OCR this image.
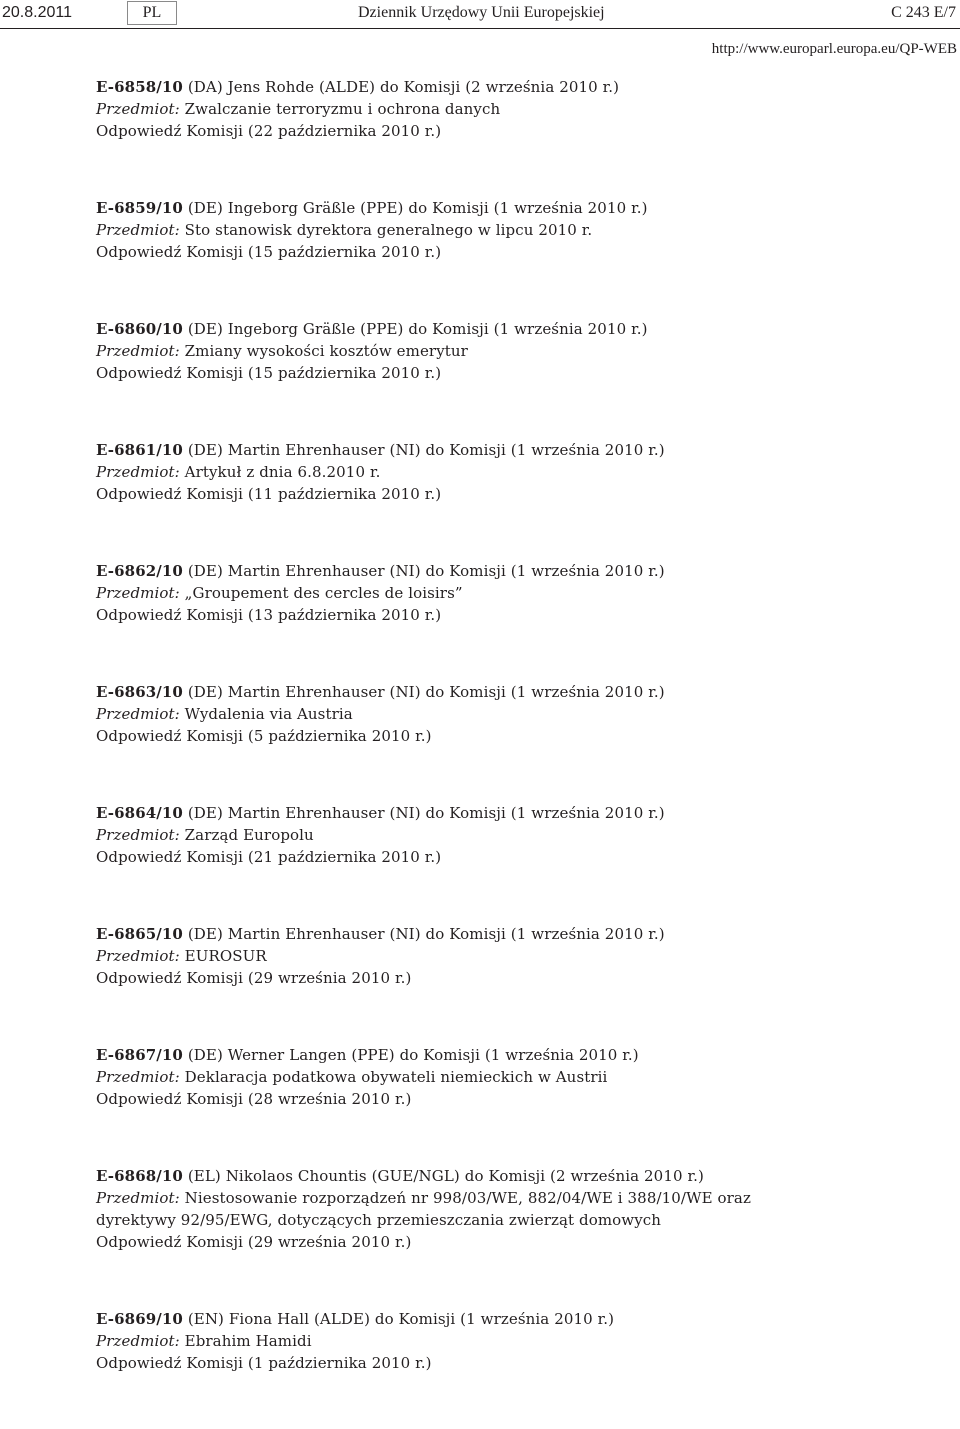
20.8.2011	PL	Dziennik Urzędowy Unii Europejskiej	C 243 E/7
http://www.europarl.europa.eu/QP-WEB
E-6858/10 (DA) Jens Rohde (ALDE) do Komisji (2 września 2010 r.)
Przedmiot: Zwalczanie terroryzmu i ochrona danych
Odpowiedź Komisji (22 października 2010 r.)
E-6859/10 (DE) Ingeborg Gräßle (PPE) do Komisji (1 września 2010 r.)
Przedmiot: Sto stanowisk dyrektora generalnego w lipcu 2010 r.
Odpowiedź Komisji (15 października 2010 r.)
E-6860/10 (DE) Ingeborg Gräßle (PPE) do Komisji (1 września 2010 r.)
Przedmiot: Zmiany wysokości kosztów emerytur
Odpowiedź Komisji (15 października 2010 r.)
E-6861/10 (DE) Martin Ehrenhauser (NI) do Komisji (1 września 2010 r.)
Przedmiot: Artykuł z dnia 6.8.2010 r.
Odpowiedź Komisji (11 października 2010 r.)
E-6862/10 (DE) Martin Ehrenhauser (NI) do Komisji (1 września 2010 r.)
Przedmiot: „Groupement des cercles de loisirs”
Odpowiedź Komisji (13 października 2010 r.)
E-6863/10 (DE) Martin Ehrenhauser (NI) do Komisji (1 września 2010 r.)
Przedmiot: Wydalenia via Austria
Odpowiedź Komisji (5 października 2010 r.)
E-6864/10 (DE) Martin Ehrenhauser (NI) do Komisji (1 września 2010 r.)
Przedmiot: Zarząd Europolu
Odpowiedź Komisji (21 października 2010 r.)
E-6865/10 (DE) Martin Ehrenhauser (NI) do Komisji (1 września 2010 r.)
Przedmiot: EUROSUR
Odpowiedź Komisji (29 września 2010 r.)
E-6867/10 (DE) Werner Langen (PPE) do Komisji (1 września 2010 r.)
Przedmiot: Deklaracja podatkowa obywateli niemieckich w Austrii
Odpowiedź Komisji (28 września 2010 r.)
E-6868/10 (EL) Nikolaos Chountis (GUE/NGL) do Komisji (2 września 2010 r.)
Przedmiot: Niestosowanie rozporządzeń nr 998/03/WE, 882/04/WE i 388/10/WE oraz dyrektywy 92/95/EWG, dotyczących przemieszczania zwierząt domowych
Odpowiedź Komisji (29 września 2010 r.)
E-6869/10 (EN) Fiona Hall (ALDE) do Komisji (1 września 2010 r.)
Przedmiot: Ebrahim Hamidi
Odpowiedź Komisji (1 października 2010 r.)
